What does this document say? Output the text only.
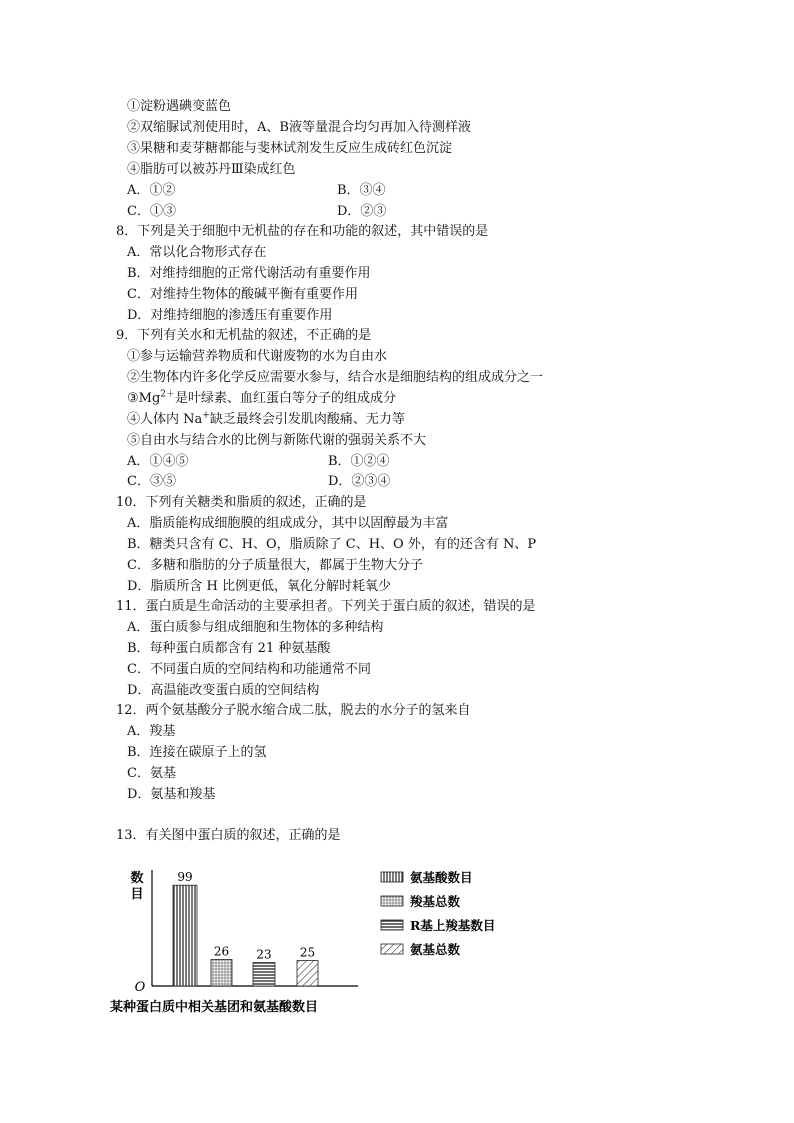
①淀粉遇碘变蓝色
②双缩脲试剂使用时，A、B液等量混合均匀再加入待测样液
③果糖和麦芽糖都能与斐林试剂发生反应生成砖红色沉淀
④脂肪可以被苏丹Ⅲ染成红色
A．①②	B．③④
C．①③	D．②③
8．下列是关于细胞中无机盐的存在和功能的叙述，其中错误的是
A．常以化合物形式存在
B．对维持细胞的正常代谢活动有重要作用
C．对维持生物体的酸碱平衡有重要作用
D．对维持细胞的渗透压有重要作用
9．下列有关水和无机盐的叙述，不正确的是
①参与运输营养物质和代谢废物的水为自由水
②生物体内许多化学反应需要水参与，结合水是细胞结构的组成成分之一
$③Mg^{2+}$是叶绿素、血红蛋白等分子的组成成分
④人体内 Na+缺乏最终会引发肌肉酸痛、无力等
⑤自由水与结合水的比例与新陈代谢的强弱关系不大
A．①④⑤	B．①②④
C．③⑤	D．②③④
10．下列有关糖类和脂质的叙述，正确的是
A．脂质能构成细胞膜的组成成分，其中以固醇最为丰富
B．糖类只含有 C、H、O，脂质除了 C、H、O 外，有的还含有 N、P
C．多糖和脂肪的分子质量很大，都属于生物大分子
D．脂质所含 H 比例更低，氧化分解时耗氧少
11．蛋白质是生命活动的主要承担者。下列关于蛋白质的叙述，错误的是
A．蛋白质参与组成细胞和生物体的多种结构
B．每种蛋白质都含有 21 种氨基酸
C．不同蛋白质的空间结构和功能通常不同
D．高温能改变蛋白质的空间结构
12．两个氨基酸分子脱水缩合成二肽，脱去的水分子的氢来自
A．羧基
B．连接在碳原子上的氢
C．氨基
D．氨基和羧基
13．有关图中蛋白质的叙述，正确的是
数
目
O
某种蛋白质中相关基团和氨基酸数目
99
26 23 25
氨基酸数目
羧基总数
R基上羧基数目
氨基总数
